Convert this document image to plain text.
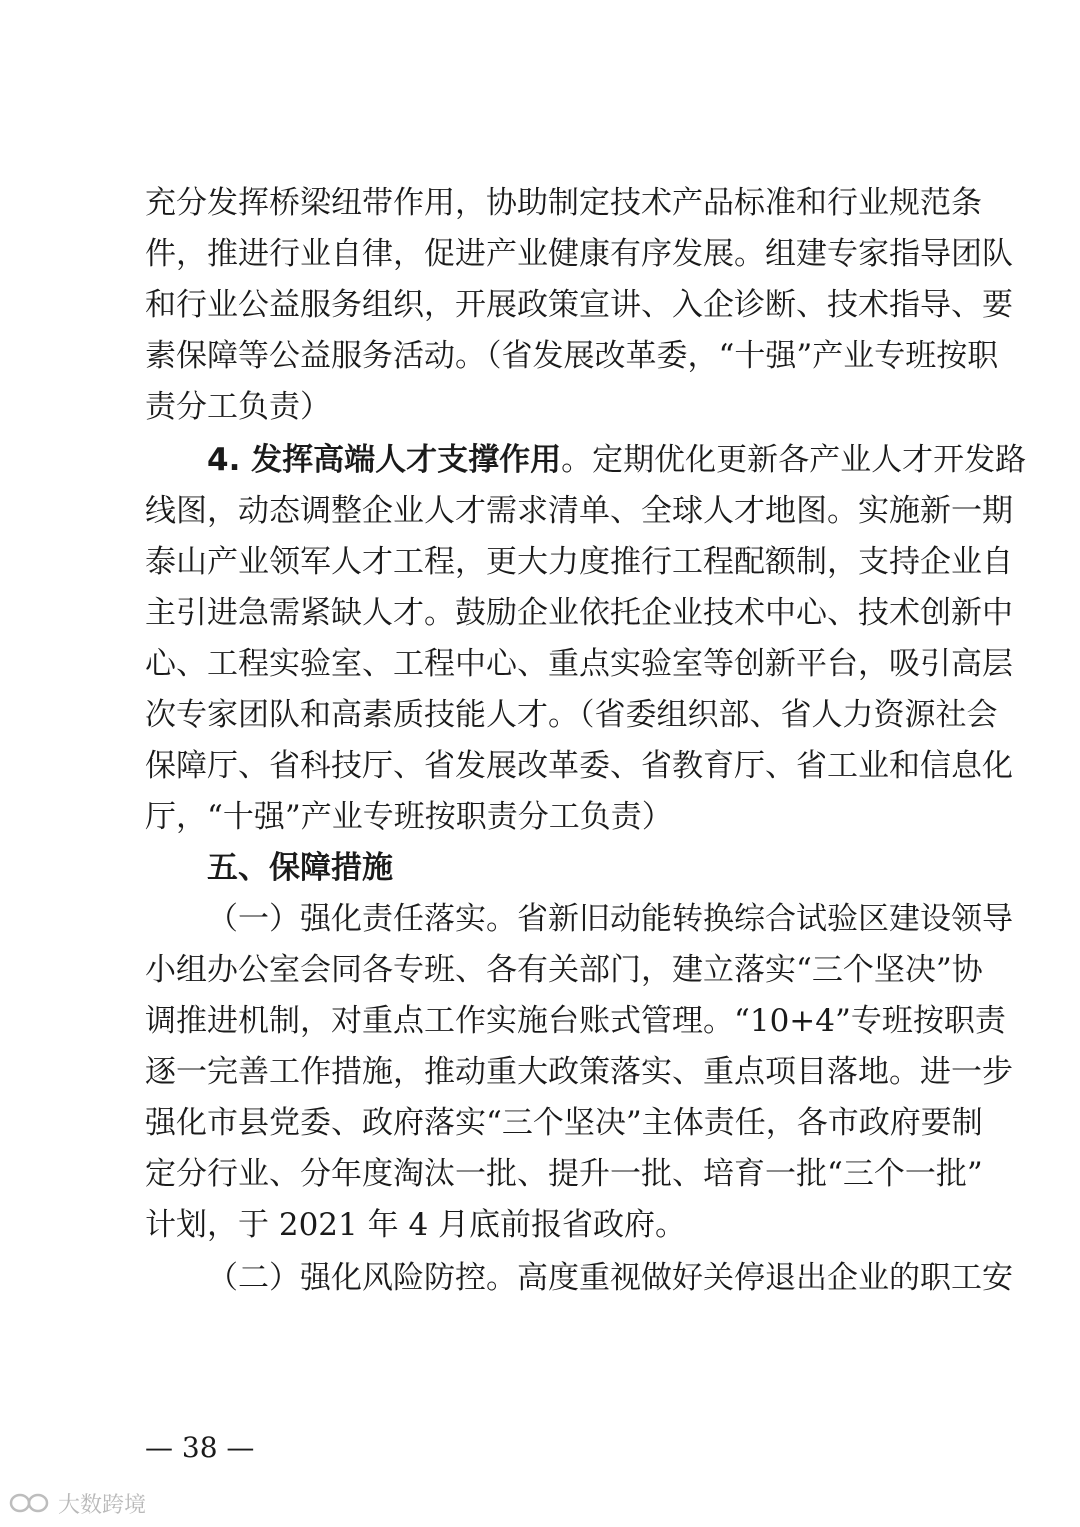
充分发挥桥梁纽带作用，协助制定技术产品标准和行业规范条
件，推进行业自律，促进产业健康有序发展。组建专家指导团队
和行业公益服务组织，开展政策宣讲、入企诊断、技术指导、要
素保障等公益服务活动。（省发展改革委，“十强”产业专班按职
责分工负责）
4. 发挥高端人才支撑作用。定期优化更新各产业人才开发路
线图，动态调整企业人才需求清单、全球人才地图。实施新一期
泰山产业领军人才工程，更大力度推行工程配额制，支持企业自
主引进急需紧缺人才。鼓励企业依托企业技术中心、技术创新中
心、工程实验室、工程中心、重点实验室等创新平台，吸引高层
次专家团队和高素质技能人才。（省委组织部、省人力资源社会
保障厅、省科技厅、省发展改革委、省教育厅、省工业和信息化
厅，“十强”产业专班按职责分工负责）
五、保障措施
（一）强化责任落实。省新旧动能转换综合试验区建设领导
小组办公室会同各专班、各有关部门，建立落实“三个坚决”协
调推进机制，对重点工作实施台账式管理。“10+4”专班按职责
逐一完善工作措施，推动重大政策落实、重点项目落地。进一步
强化市县党委、政府落实“三个坚决”主体责任，各市政府要制
定分行业、分年度淘汰一批、提升一批、培育一批“三个一批”
计划，于 2021 年 4 月底前报省政府。
（二）强化风险防控。高度重视做好关停退出企业的职工安
— 38 —
大数跨境
